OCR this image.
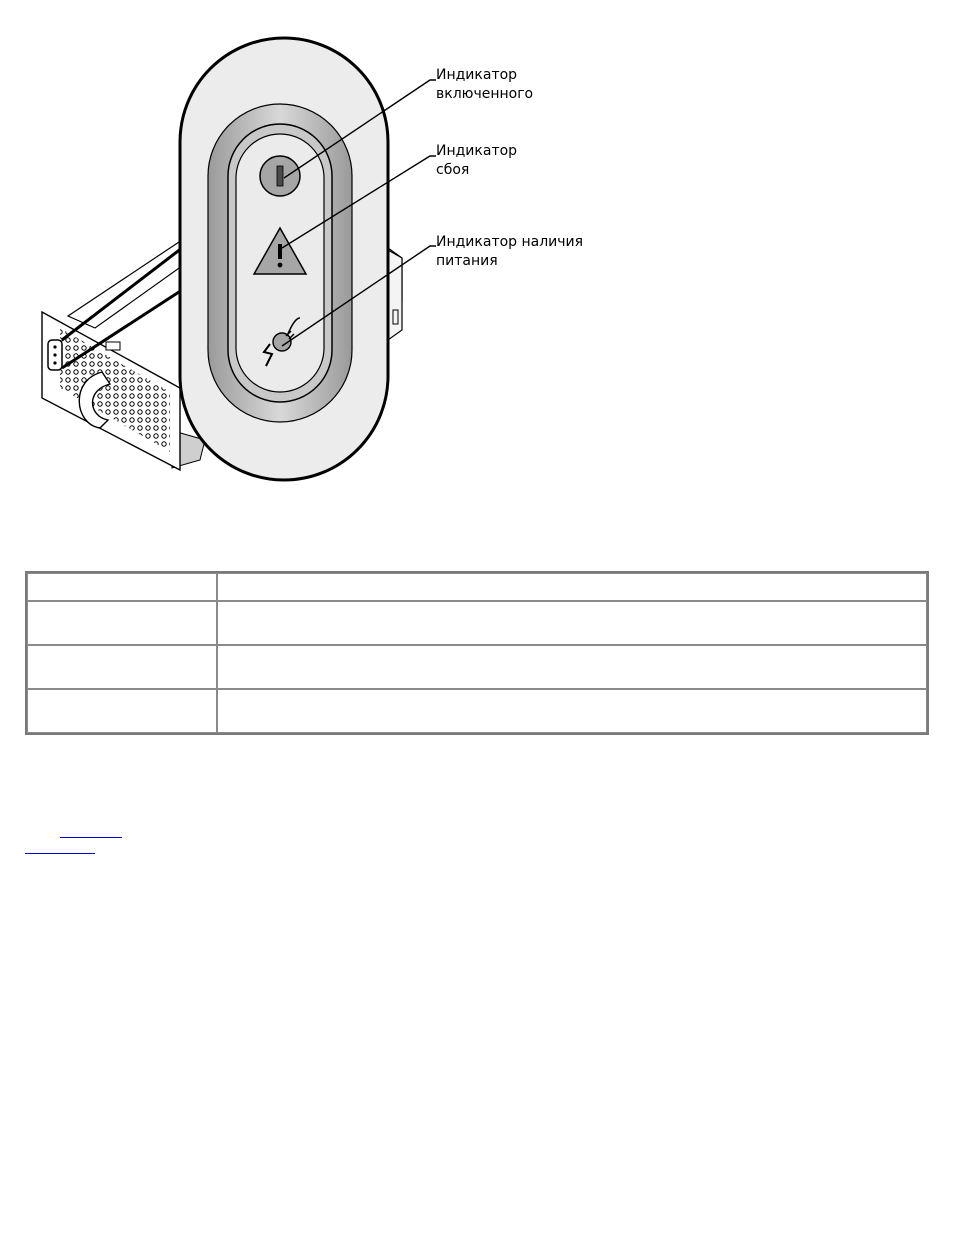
Индикатор
включенного

Индикатор
сбоя

Индикатор наличия
питания
